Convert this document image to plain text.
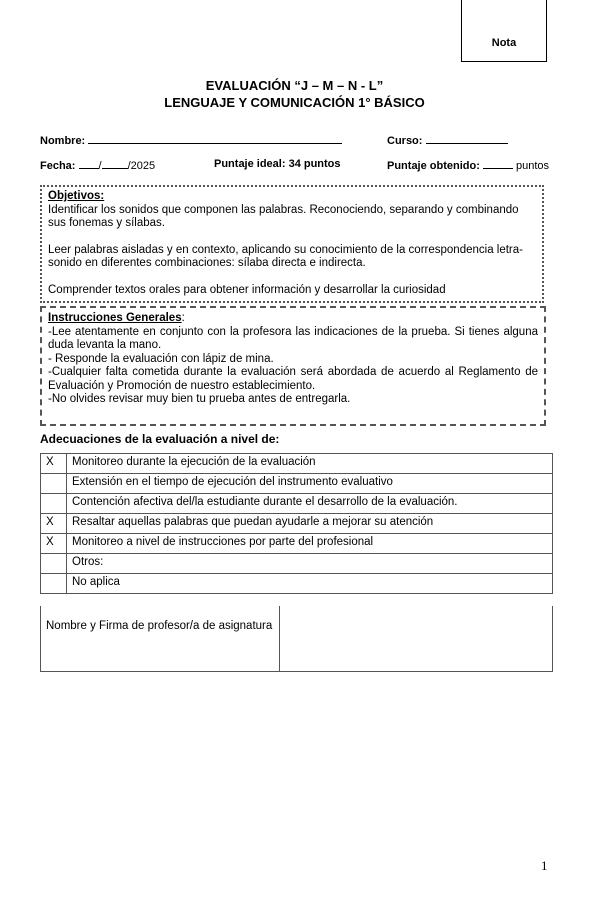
Nota
EVALUACIÓN “J – M – N - L”
LENGUAJE Y COMUNICACIÓN 1° BÁSICO
Nombre:	Curso:
Fecha: / /2025	Puntaje ideal: 34 puntos	Puntaje obtenido:	puntos

Objetivos:

Identificar los sonidos que componen las palabras. Reconociendo, separando y combinando sus fonemas y sílabas.

Leer palabras aisladas y en contexto, aplicando su conocimiento de la correspondencia letra-sonido en diferentes combinaciones: sílaba directa e indirecta.

Comprender textos orales para obtener información y desarrollar la curiosidad

Instrucciones Generales:

-Lee atentamente en conjunto con la profesora las indicaciones de la prueba. Si tienes alguna duda levanta la mano.

- Responde la evaluación con lápiz de mina.

-Cualquier falta cometida durante la evaluación será abordada de acuerdo al Reglamento de Evaluación y Promoción de nuestro establecimiento.

-No olvides revisar muy bien tu prueba antes de entregarla.

Adecuaciones de la evaluación a nivel de:
X	Monitoreo durante la ejecución de la evaluación
	Extensión en el tiempo de ejecución del instrumento evaluativo
	Contención afectiva del/la estudiante durante el desarrollo de la evaluación.
X	Resaltar aquellas palabras que puedan ayudarle a mejorar su atención
X	Monitoreo a nivel de instrucciones por parte del profesional
	Otros:
	No aplica
Nombre y Firma de profesor/a de asignatura
1
